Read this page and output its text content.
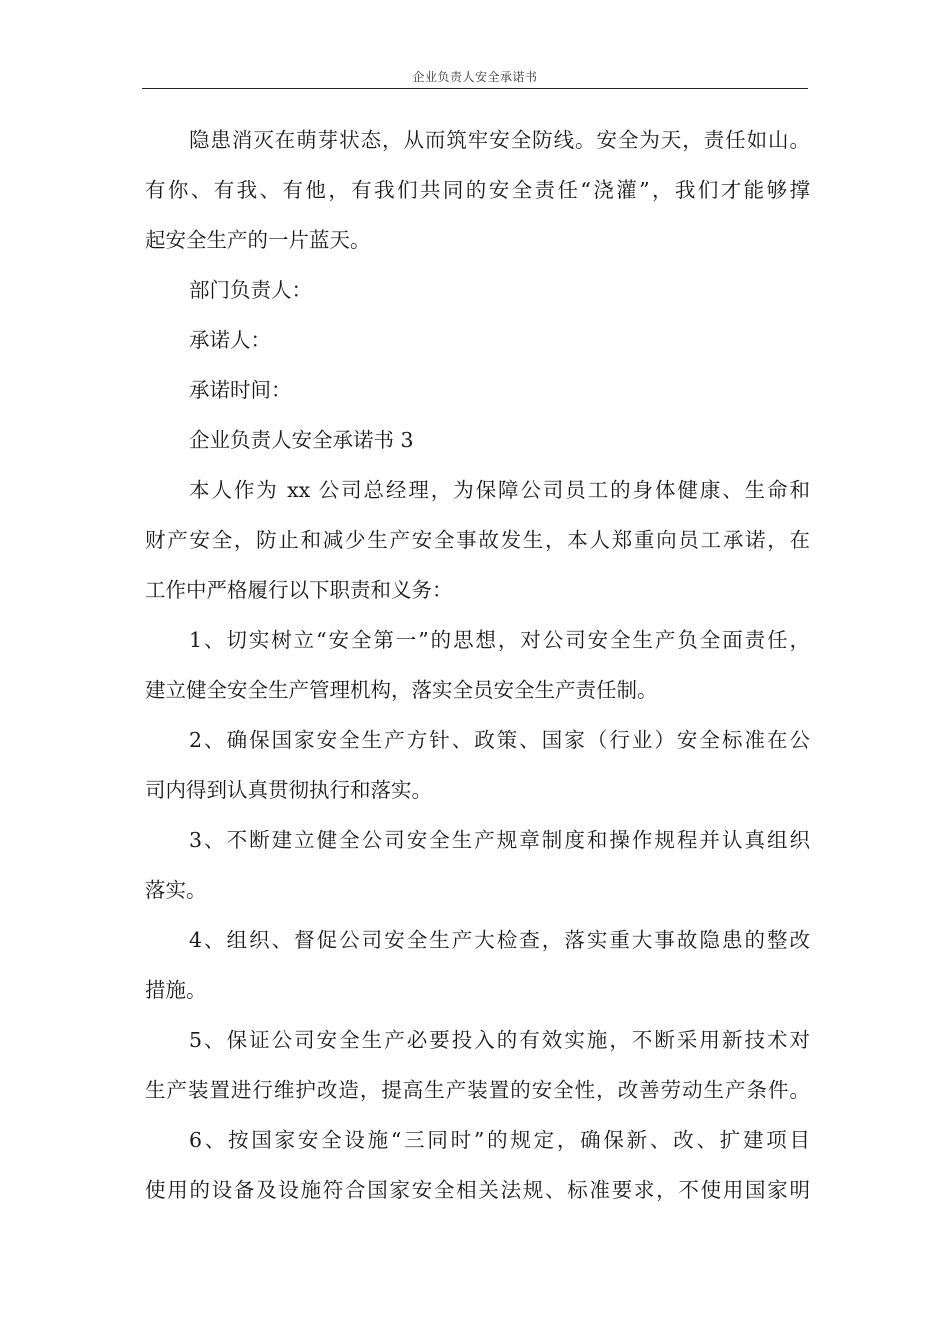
企业负责人安全承诺书
隐患消灭在萌芽状态，从而筑牢安全防线。安全为天，责任如山。
有你、有我、有他，有我们共同的安全责任“浇灌”，我们才能够撑
起安全生产的一片蓝天。
部门负责人：
承诺人：
承诺时间：
企业负责人安全承诺书 3
本人作为 xx 公司总经理，为保障公司员工的身体健康、生命和
财产安全，防止和减少生产安全事故发生，本人郑重向员工承诺，在
工作中严格履行以下职责和义务：
1、切实树立“安全第一”的思想，对公司安全生产负全面责任，
建立健全安全生产管理机构，落实全员安全生产责任制。
2、确保国家安全生产方针、政策、国家（行业）安全标准在公
司内得到认真贯彻执行和落实。
3、不断建立健全公司安全生产规章制度和操作规程并认真组织
落实。
4、组织、督促公司安全生产大检查，落实重大事故隐患的整改
措施。
5、保证公司安全生产必要投入的有效实施，不断采用新技术对
生产装置进行维护改造，提高生产装置的安全性，改善劳动生产条件。
6、按国家安全设施“三同时”的规定，确保新、改、扩建项目
使用的设备及设施符合国家安全相关法规、标准要求，不使用国家明
